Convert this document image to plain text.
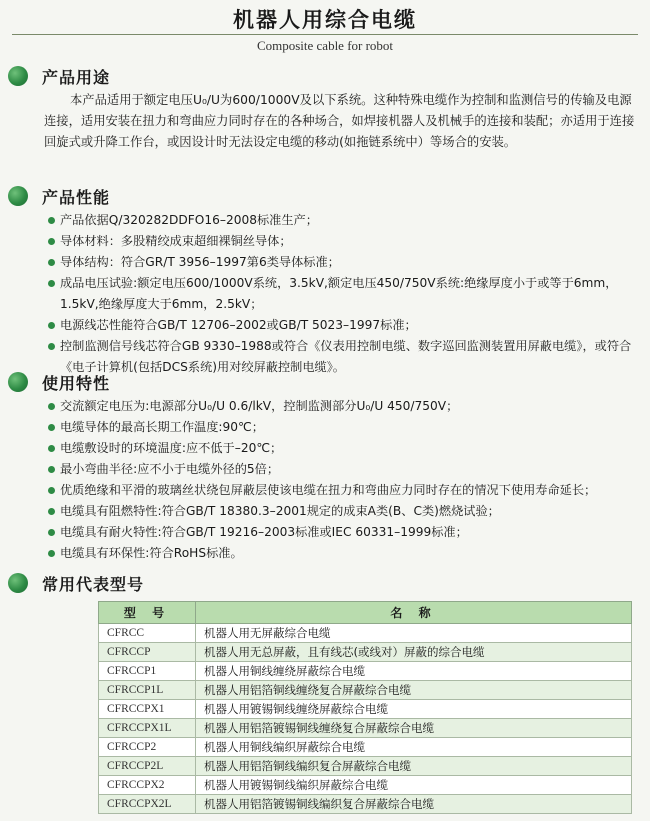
机器人用综合电缆
Composite cable for robot
产品用途

本产品适用于额定电压U₀/U为600/1000V及以下系统。这种特殊电缆作为控制和监测信号的传输及电源连接，适用安装在扭力和弯曲应力同时存在的各种场合，如焊接机器人及机械手的连接和装配；亦适用于连接回旋式或升降工作台，或因设计时无法设定电缆的移动(如拖链系统中）等场合的安装。

产品性能
产品依据Q/320282DDFO16–2008标准生产；
导体材料：多股精绞成束超细裸铜丝导体；
导体结构：符合GR/T 3956–1997第6类导体标准；
成品电压试验:额定电压600/1000V系统，3.5kV,额定电压450/750V系统:绝缘厚度小于或等于6mm，1.5kV,绝缘厚度大于6mm，2.5kV；
电源线芯性能符合GB/T 12706–2002或GB/T 5023–1997标准；
控制监测信号线芯符合GB 9330–1988或符合《仪表用控制电缆、数字巡回监测装置用屏蔽电缆》，或符合《电子计算机(包括DCS系统)用对绞屏蔽控制电缆》。
使用特性
交流额定电压为:电源部分U₀/U 0.6/lkV，控制监测部分U₀/U 450/750V；
电缆导体的最高长期工作温度:90℃；
电缆敷设时的环境温度:应不低于–20℃；
最小弯曲半径:应不小于电缆外径的5倍；
优质绝缘和平滑的玻璃丝状绕包屏蔽层使该电缆在扭力和弯曲应力同时存在的情况下使用寿命延长；
电缆具有阻燃特性:符合GB/T 18380.3–2001规定的成束A类(B、C类)燃烧试验；
电缆具有耐火特性:符合GB/T 19216–2003标准或IEC 60331–1999标准；
电缆具有环保性:符合RoHS标准。
常用代表型号
型 号	名 称
CFRCC	机器人用无屏蔽综合电缆
CFRCCP	机器人用无总屏蔽，且有线芯(或线对）屏蔽的综合电缆
CFRCCP1	机器人用铜线缠绕屏蔽综合电缆
CFRCCP1L	机器人用铝箔铜线缠绕复合屏蔽综合电缆
CFRCCPX1	机器人用镀锡铜线缠绕屏蔽综合电缆
CFRCCPX1L	机器人用铝箔镀锡铜线缠绕复合屏蔽综合电缆
CFRCCP2	机器人用铜线编织屏蔽综合电缆
CFRCCP2L	机器人用铝箔铜线编织复合屏蔽综合电缆
CFRCCPX2	机器人用镀锡铜线编织屏蔽综合电缆
CFRCCPX2L	机器人用铝箔镀锡铜线编织复合屏蔽综合电缆
